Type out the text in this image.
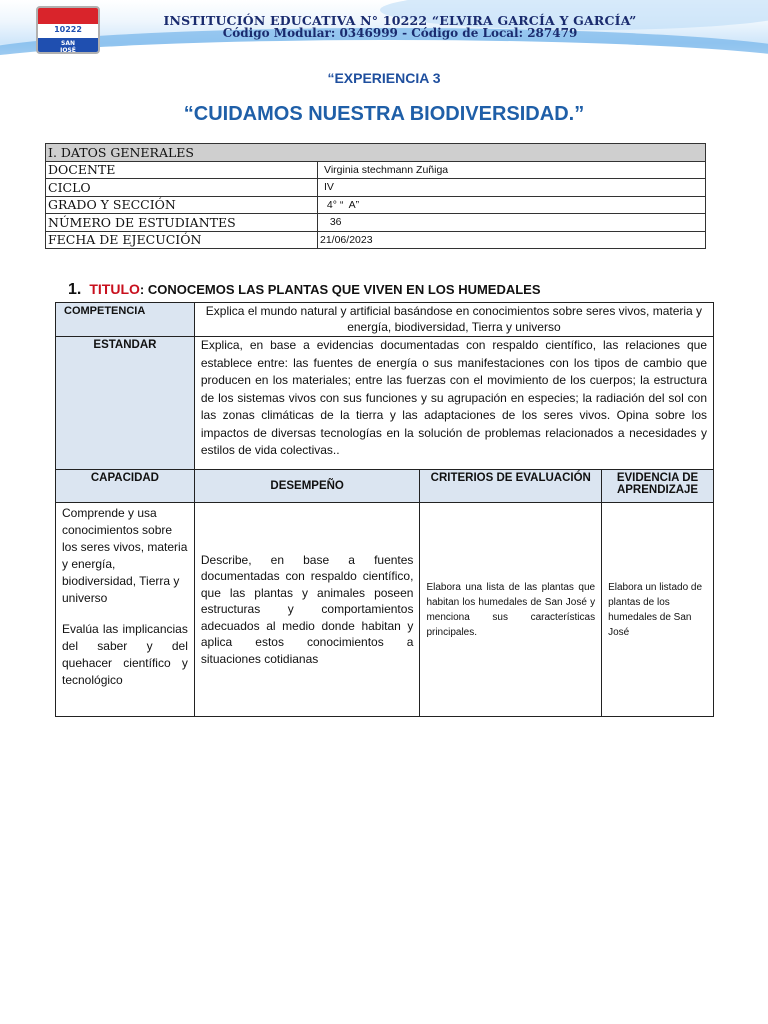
10222
SAN
JOSÉ
INSTITUCIÓN EDUCATIVA N° 10222 “ELVIRA GARCÍA Y GARCÍA”
Código Modular: 0346999 - Código de Local: 287479
“EXPERIENCIA 3
“CUIDAMOS NUESTRA BIODIVERSIDAD.”
I. DATOS GENERALES	
DOCENTE	Virginia stechmann Zuñiga
CICLO	IV
GRADO Y SECCIÓN	4° “  A”
NÚMERO DE ESTUDIANTES	36
FECHA DE EJECUCIÓN	21/06/2023
1. TITULO: CONOCEMOS LAS PLANTAS QUE VIVEN EN LOS HUMEDALES
COMPETENCIA	Explica el mundo natural y artificial basándose en conocimientos sobre seres vivos, materia y energía, biodiversidad, Tierra y universo		
ESTANDAR	Explica, en base a evidencias documentadas con respaldo científico, las relaciones que establece entre: las fuentes de energía o sus manifestaciones con los tipos de cambio que producen en los materiales; entre las fuerzas con el movimiento de los cuerpos; la estructura de los sistemas vivos con sus funciones y su agrupación en especies; la radiación del sol con las zonas climáticas de la tierra y las adaptaciones de los seres vivos. Opina sobre los impactos de diversas tecnologías en la solución de problemas relacionados a necesidades y estilos de vida colectivas..		
CAPACIDAD	DESEMPEÑO	CRITERIOS DE EVALUACIÓN	EVIDENCIA DE APRENDIZAJE

Comprende y usa conocimientos sobre los seres vivos, materia y energía, biodiversidad, Tierra y universo
Evalúa las implicancias del saber y del quehacer científico y tecnológico	Describe, en base a fuentes documentadas con respaldo científico, que las plantas y animales poseen estructuras y comportamientos adecuados al medio donde habitan y aplica estos conocimientos a situaciones cotidianas	Elabora una lista de las plantas que habitan los humedales de San José y menciona sus características principales.	Elabora un listado de plantas de los humedales de San José
